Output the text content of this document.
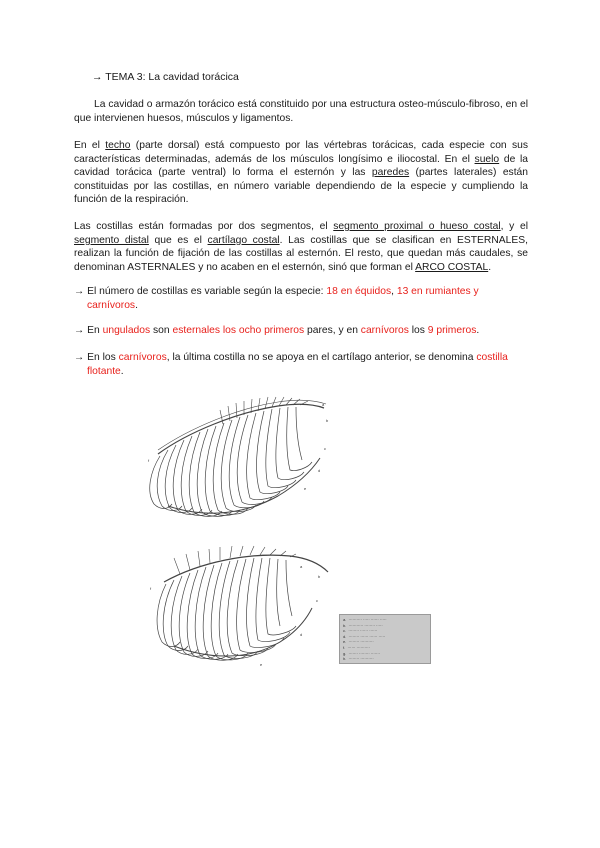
→ TEMA 3: La cavidad torácica

La cavidad o armazón torácico está constituido por una estructura osteo-músculo-fibroso, en el que intervienen huesos, músculos y ligamentos.

En el techo (parte dorsal) está compuesto por las vértebras torácicas, cada especie con sus características determinadas, además de los músculos longísimo e iliocostal. En el suelo de la cavidad torácica (parte ventral) lo forma el esternón y las paredes (partes laterales) están constituidas por las costillas, en número variable dependiendo de la especie y cumpliendo la función de la respiración.

Las costillas están formadas por dos segmentos, el segmento proximal o hueso costal, y el segmento distal que es el cartílago costal. Las costillas que se clasifican en ESTERNALES, realizan la función de fijación de las costillas al esternón. El resto, que quedan más caudales, se denominan ASTERNALES y no acaben en el esternón, sinó que forman el ARCO COSTAL.

→ El número de costillas es variable según la especie: 18 en équidos, 13 en rumiantes y
carnívoros.

→ En ungulados son esternales los ocho primeros pares, y en carnívoros los 9 primeros.

→ En los carnívoros, la última costilla no se apoya en el cartílago anterior, se denomina costilla
flotante.

a
b
c
d
e
f
a
b
c
d
e
f
a.  ·········· ····· ······ ·····
b.  ··········· ········ ·····
c.  ········ ······ ······
d.  ········ ······ ······ ·····
e.  ········ ··········
f.  ······ ··········
g.  ······· ········ ·······
h.  ········ ··········
